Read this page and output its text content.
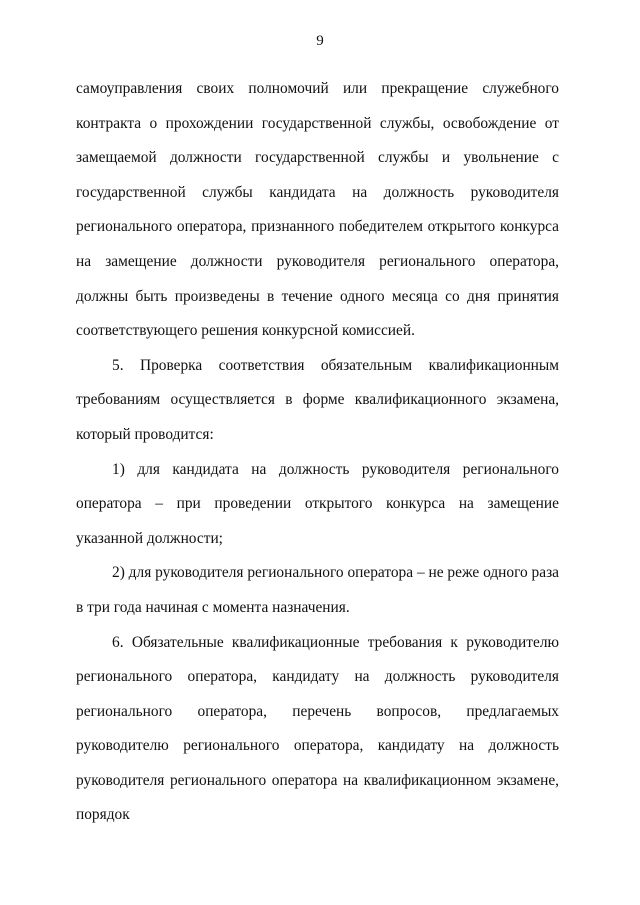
9

самоуправления своих полномочий или прекращение служебного контракта о прохождении государственной службы, освобождение от замещаемой должности государственной службы и увольнение с государственной службы кандидата на должность руководителя регионального оператора, признанного победителем открытого конкурса на замещение должности руководителя регионального оператора, должны быть произведены в течение одного месяца со дня принятия соответствующего решения конкурсной комиссией.

5. Проверка соответствия обязательным квалификационным требованиям осуществляется в форме квалификационного экзамена, который проводится:

1) для кандидата на должность руководителя регионального оператора – при проведении открытого конкурса на замещение указанной должности;

2) для руководителя регионального оператора – не реже одного раза в три года начиная с момента назначения.

6. Обязательные квалификационные требования к руководителю регионального оператора, кандидату на должность руководителя регионального оператора, перечень вопросов, предлагаемых руководителю регионального оператора, кандидату на должность руководителя регионального оператора на квалификационном экзамене, порядок
